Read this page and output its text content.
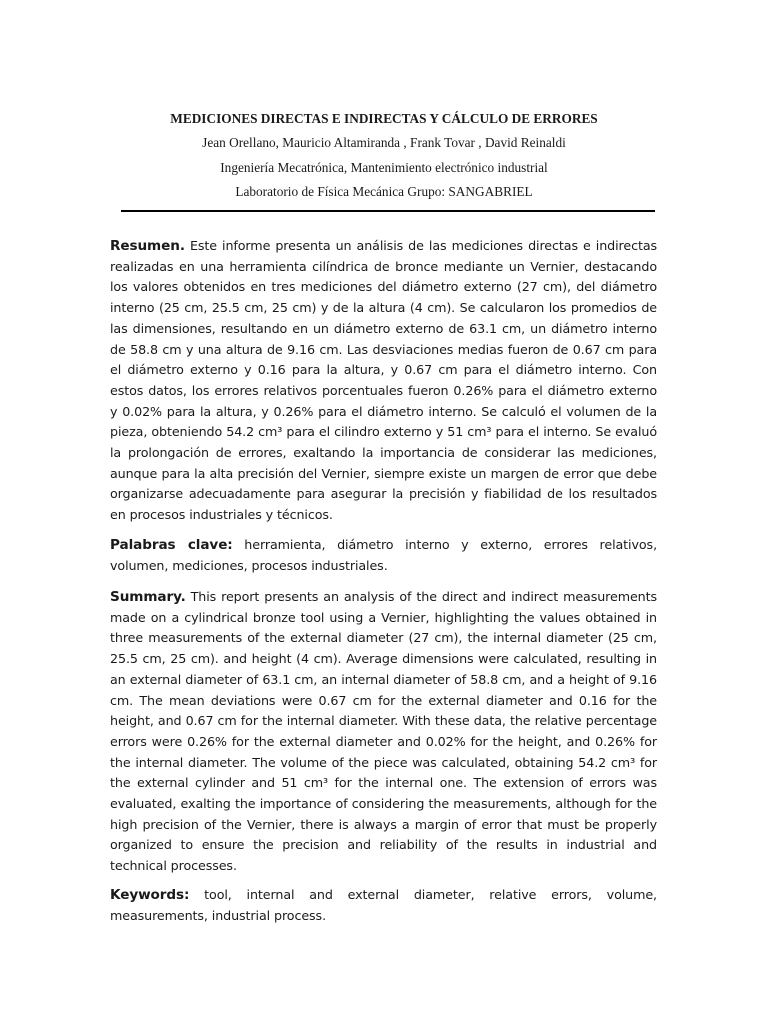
MEDICIONES DIRECTAS E INDIRECTAS Y CÁLCULO DE ERRORES
Jean Orellano, Mauricio Altamiranda , Frank Tovar , David Reinaldi
Ingeniería Mecatrónica, Mantenimiento electrónico industrial
Laboratorio de Física Mecánica Grupo: SANGABRIEL

Resumen. Este informe presenta un análisis de las mediciones directas e indirectas realizadas en una herramienta cilíndrica de bronce mediante un Vernier, destacando los valores obtenidos en tres mediciones del diámetro externo (27 cm), del diámetro interno (25 cm, 25.5 cm, 25 cm) y de la altura (4 cm). Se calcularon los promedios de las dimensiones, resultando en un diámetro externo de 63.1 cm, un diámetro interno de 58.8 cm y una altura de 9.16 cm. Las desviaciones medias fueron de 0.67 cm para el diámetro externo y 0.16 para la altura, y 0.67 cm para el diámetro interno. Con estos datos, los errores relativos porcentuales fueron 0.26% para el diámetro externo y 0.02% para la altura, y 0.26% para el diámetro interno. Se calculó el volumen de la pieza, obteniendo 54.2 cm³ para el cilindro externo y 51 cm³ para el interno. Se evaluó la prolongación de errores, exaltando la importancia de considerar las mediciones, aunque para la alta precisión del Vernier, siempre existe un margen de error que debe organizarse adecuadamente para asegurar la precisión y fiabilidad de los resultados en procesos industriales y técnicos.

Palabras clave: herramienta, diámetro interno y externo, errores relativos, volumen, mediciones, procesos industriales.

Summary. This report presents an analysis of the direct and indirect measurements made on a cylindrical bronze tool using a Vernier, highlighting the values obtained in three measurements of the external diameter (27 cm), the internal diameter (25 cm, 25.5 cm, 25 cm). and height (4 cm). Average dimensions were calculated, resulting in an external diameter of 63.1 cm, an internal diameter of 58.8 cm, and a height of 9.16 cm. The mean deviations were 0.67 cm for the external diameter and 0.16 for the height, and 0.67 cm for the internal diameter. With these data, the relative percentage errors were 0.26% for the external diameter and 0.02% for the height, and 0.26% for the internal diameter. The volume of the piece was calculated, obtaining 54.2 cm³ for the external cylinder and 51 cm³ for the internal one. The extension of errors was evaluated, exalting the importance of considering the measurements, although for the high precision of the Vernier, there is always a margin of error that must be properly organized to ensure the precision and reliability of the results in industrial and technical processes.

Keywords: tool, internal and external diameter, relative errors, volume, measurements, industrial process.
